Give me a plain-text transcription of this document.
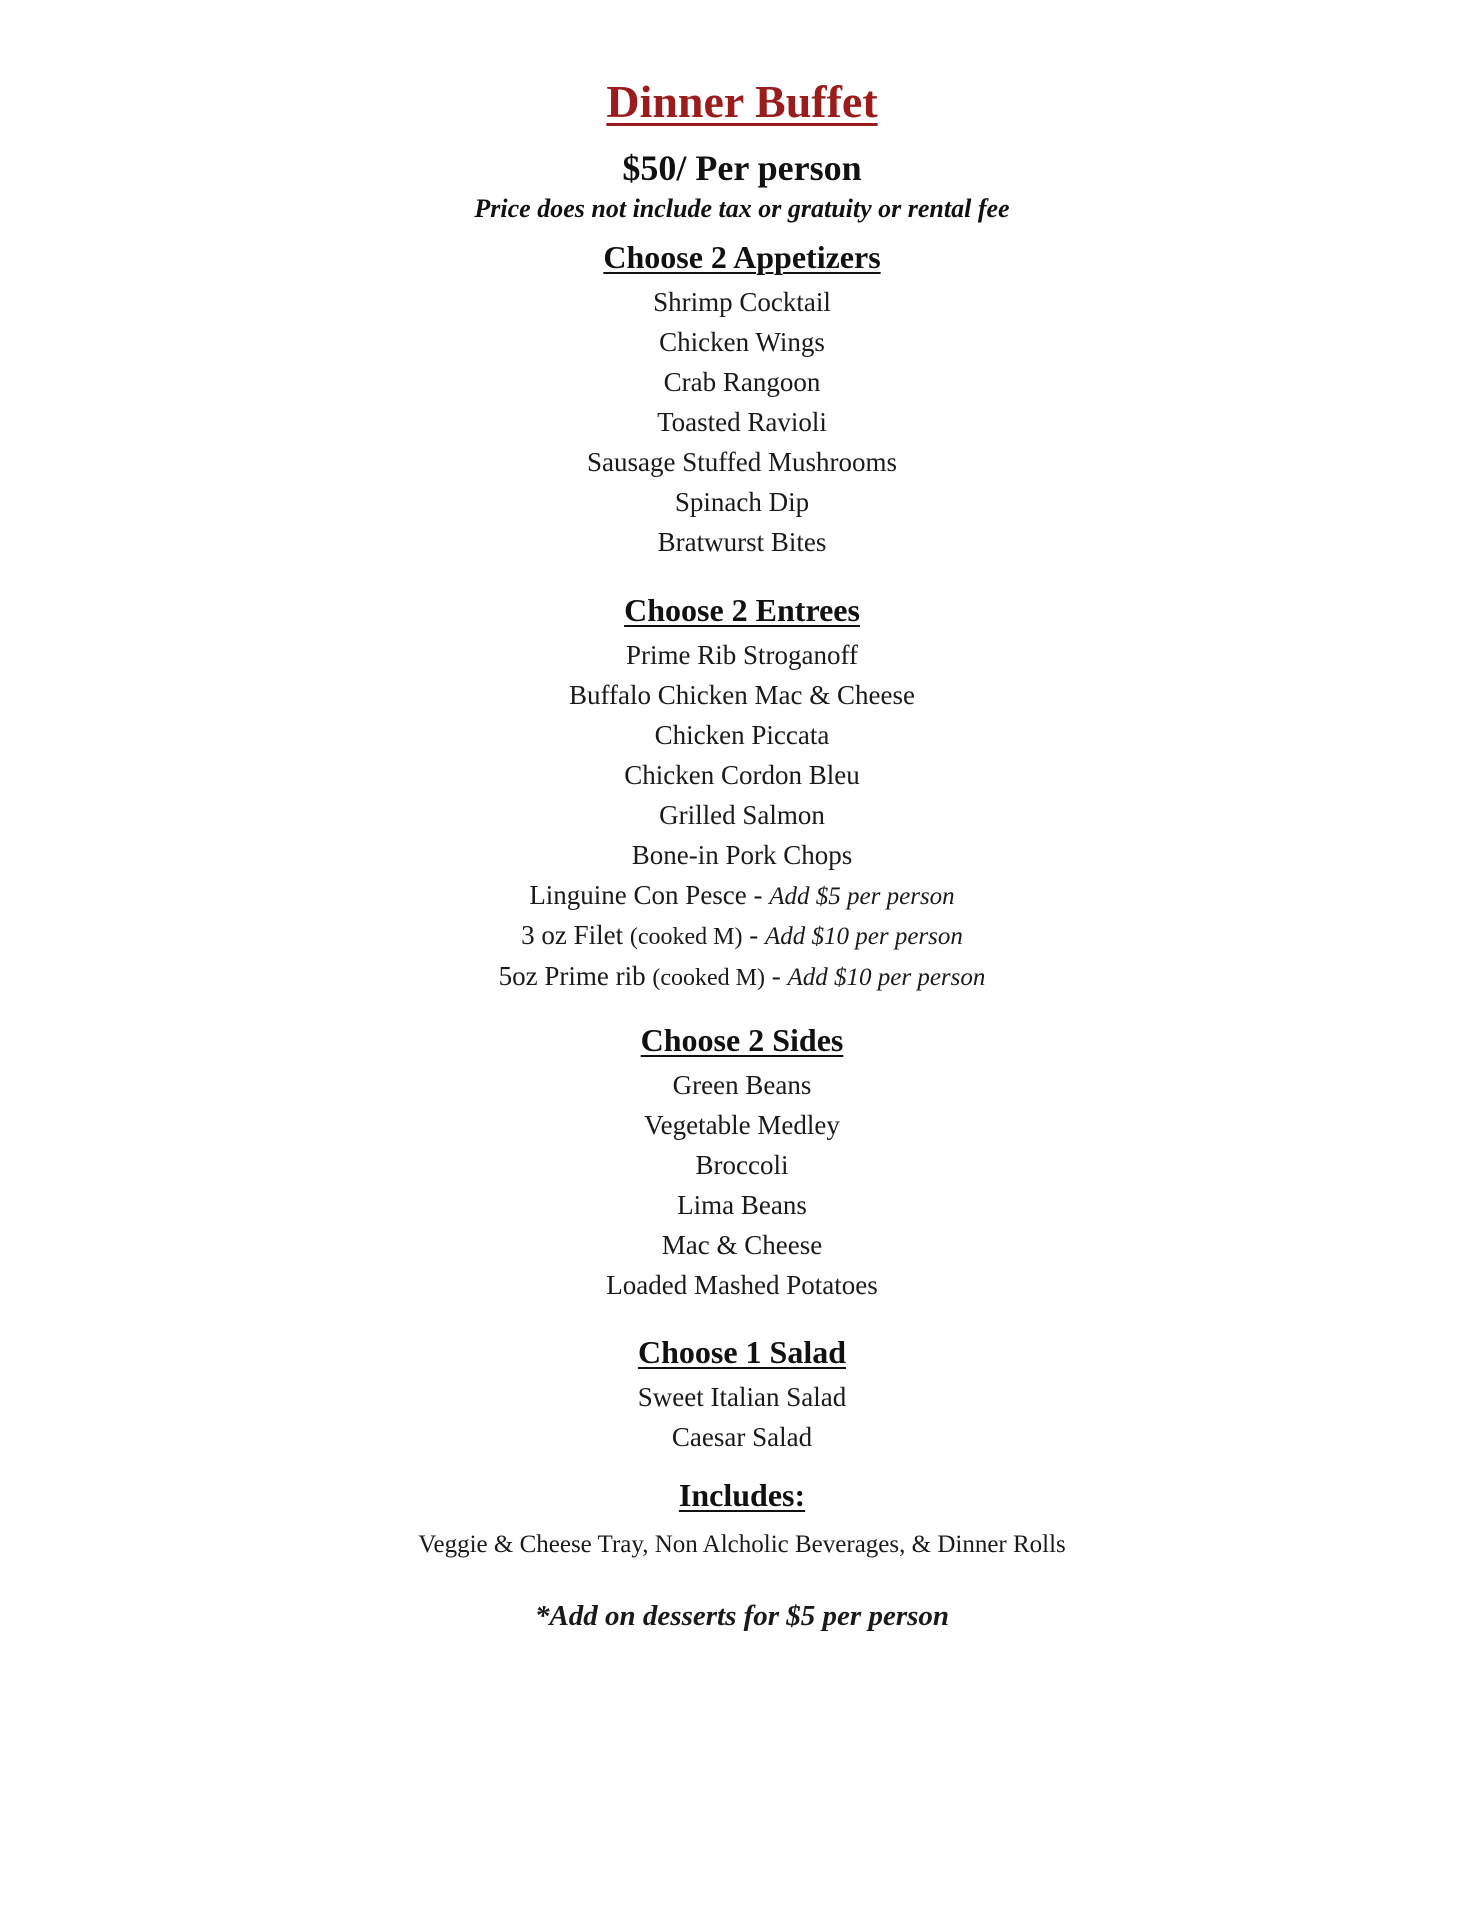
Dinner Buffet
$50/ Per person
Price does not include tax or gratuity or rental fee
Choose 2 Appetizers
Shrimp Cocktail
Chicken Wings
Crab Rangoon
Toasted Ravioli
Sausage Stuffed Mushrooms
Spinach Dip
Bratwurst Bites
Choose 2 Entrees
Prime Rib Stroganoff
Buffalo Chicken Mac & Cheese
Chicken Piccata
Chicken Cordon Bleu
Grilled Salmon
Bone-in Pork Chops
Linguine Con Pesce - Add $5 per person
3 oz Filet (cooked M) - Add $10 per person
5oz Prime rib (cooked M) - Add $10 per person
Choose 2 Sides
Green Beans
Vegetable Medley
Broccoli
Lima Beans
Mac & Cheese
Loaded Mashed Potatoes
Choose 1 Salad
Sweet Italian Salad
Caesar Salad
Includes:
Veggie & Cheese Tray, Non Alcholic Beverages, & Dinner Rolls
*Add on desserts for $5 per person
